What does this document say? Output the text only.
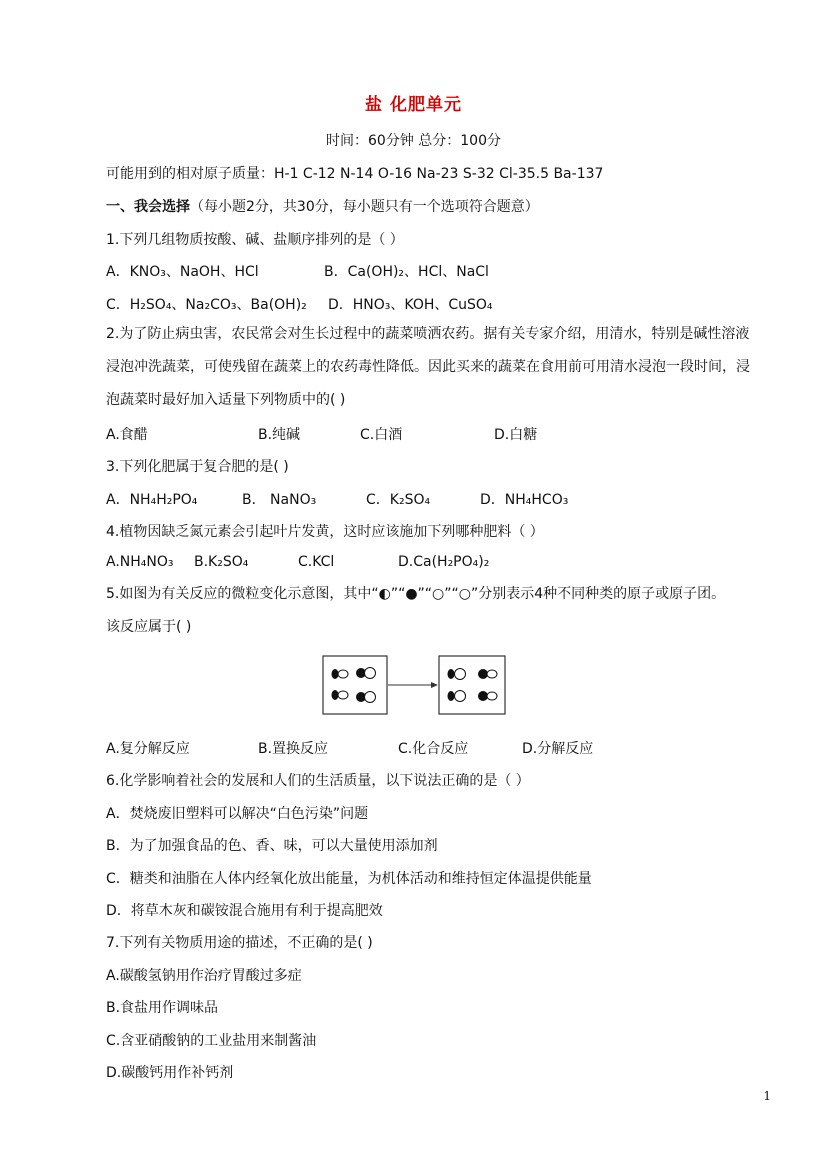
盐 化肥单元
时间：60分钟 总分：100分
可能用到的相对原子质量：H-1 C-12 N-14 O-16 Na-23 S-32 Cl-35.5 Ba-137
一、我会选择（每小题2分，共30分，每小题只有一个选项符合题意）
1.下列几组物质按酸、碱、盐顺序排列的是（ ）
A．KNO₃、NaOH、HCl	B．Ca(OH)₂、HCl、NaCl
C．H₂SO₄、Na₂CO₃、Ba(OH)₂ D．HNO₃、KOH、CuSO₄
2.为了防止病虫害，农民常会对生长过程中的蔬菜喷洒农药。据有关专家介绍，用清水，特别是碱性溶液
浸泡冲洗蔬菜，可使残留在蔬菜上的农药毒性降低。因此买来的蔬菜在食用前可用清水浸泡一段时间，浸
泡蔬菜时最好加入适量下列物质中的( )
A.食醋	B.纯碱	C.白酒	D.白糖
3.下列化肥属于复合肥的是( )
A．NH₄H₂PO₄	B． NaNO₃	C．K₂SO₄	D．NH₄HCO₃
4.植物因缺乏氮元素会引起叶片发黄，这时应该施加下列哪种肥料（ ）
A.NH₄NO₃ B.K₂SO₄	C.KCl	D.Ca(H₂PO₄)₂
5.如图为有关反应的微粒变化示意图，其中“◐”“●”“○”“○”分别表示4种不同种类的原子或原子团。
该反应属于( )
A.复分解反应	B.置换反应	C.化合反应	D.分解反应
6.化学影响着社会的发展和人们的生活质量，以下说法正确的是（ ）
A．焚烧废旧塑料可以解决“白色污染”问题
B．为了加强食品的色、香、味，可以大量使用添加剂
C．糖类和油脂在人体内经氧化放出能量，为机体活动和维持恒定体温提供能量
D．将草木灰和碳铵混合施用有利于提高肥效
7.下列有关物质用途的描述，不正确的是( )
A.碳酸氢钠用作治疗胃酸过多症
B.食盐用作调味品
C.含亚硝酸钠的工业盐用来制酱油
D.碳酸钙用作补钙剂
1
